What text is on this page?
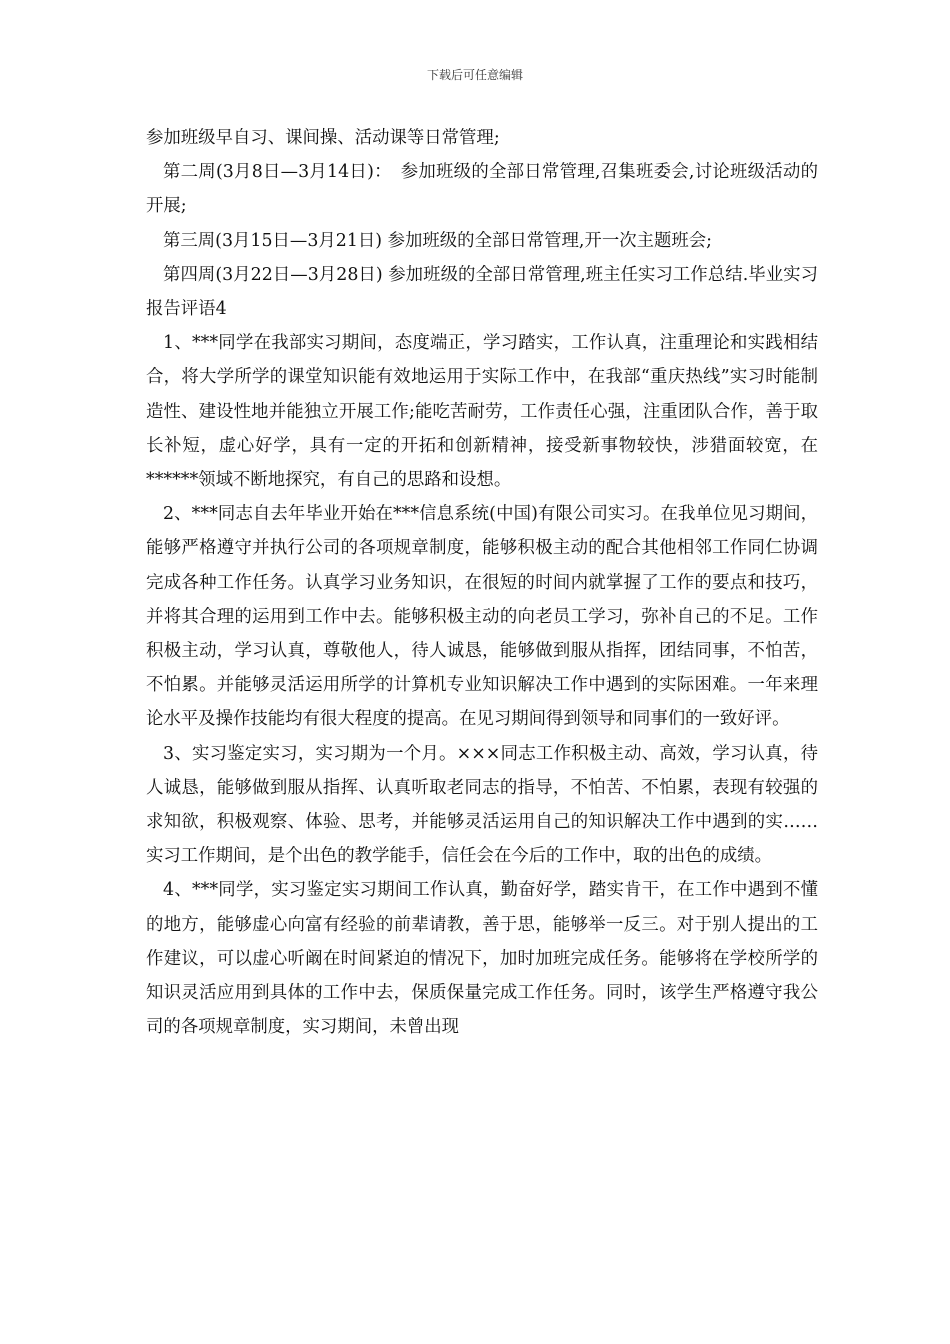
下载后可任意编辑

参加班级早自习、课间操、活动课等日常管理;

第二周(3月8日—3月14日)：　参加班级的全部日常管理,召集班委会,讨论班级活动的开展;

第三周(3月15日—3月21日) 参加班级的全部日常管理,开一次主题班会;

第四周(3月22日—3月28日) 参加班级的全部日常管理,班主任实习工作总结.毕业实习报告评语4

1、***同学在我部实习期间，态度端正，学习踏实，工作认真，注重理论和实践相结合，将大学所学的课堂知识能有效地运用于实际工作中，在我部“重庆热线”实习时能制造性、建设性地并能独立开展工作;能吃苦耐劳，工作责任心强，注重团队合作，善于取长补短，虚心好学，具有一定的开拓和创新精神，接受新事物较快，涉猎面较宽，在******领域不断地探究，有自己的思路和设想。

2、***同志自去年毕业开始在***信息系统(中国)有限公司实习。在我单位见习期间，能够严格遵守并执行公司的各项规章制度，能够积极主动的配合其他相邻工作同仁协调完成各种工作任务。认真学习业务知识，在很短的时间内就掌握了工作的要点和技巧，并将其合理的运用到工作中去。能够积极主动的向老员工学习，弥补自己的不足。工作积极主动，学习认真，尊敬他人，待人诚恳，能够做到服从指挥，团结同事，不怕苦，不怕累。并能够灵活运用所学的计算机专业知识解决工作中遇到的实际困难。一年来理论水平及操作技能均有很大程度的提高。在见习期间得到领导和同事们的一致好评。

3、实习鉴定实习，实习期为一个月。×××同志工作积极主动、高效，学习认真，待人诚恳，能够做到服从指挥、认真听取老同志的指导，不怕苦、不怕累，表现有较强的求知欲，积极观察、体验、思考，并能够灵活运用自己的知识解决工作中遇到的实…… 实习工作期间，是个出色的教学能手，信任会在今后的工作中，取的出色的成绩。

4、***同学，实习鉴定实习期间工作认真，勤奋好学，踏实肯干，在工作中遇到不懂的地方，能够虚心向富有经验的前辈请教，善于思，能够举一反三。对于别人提出的工作建议，可以虚心听阚在时间紧迫的情况下，加时加班完成任务。能够将在学校所学的知识灵活应用到具体的工作中去，保质保量完成工作任务。同时，该学生严格遵守我公司的各项规章制度，实习期间，未曾出现
